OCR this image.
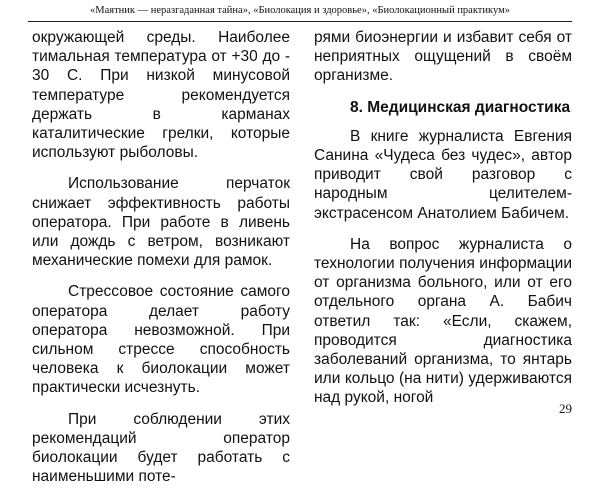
«Маятник — неразгаданная тайна», «Биолокация и здоровье», «Биолокационный практикум»

окружающей среды. Наиболее тимальная температура от +30 до - 30 С. При низкой минусовой температуре рекомендуется держать в карманах каталитические грелки, которые используют рыболовы.

Использование перчаток снижает эффективность работы оператора. При работе в ливень или дождь с ветром, возникают механические помехи для рамок.

Стрессовое состояние самого оператора делает работу оператора невозможной. При сильном стрессе способность человека к биолокации может практически исчезнуть.

При соблюдении этих рекомендаций оператор биолокации будет работать с наименьшими поте-

рями биоэнергии и избавит себя от неприятных ощущений в своём организме.

8. Медицинская диагностика

В книге журналиста Евгения Санина «Чудеса без чудес», автор приводит свой разговор с народным целителем-экстрасенсом Анатолием Бабичем.

На вопрос журналиста о технологии получения информации от организма больного, или от его отдельного органа А. Бабич ответил так: «Если, скажем, проводится диагностика заболеваний организма, то янтарь или кольцо (на нити) удерживаются над рукой, ногой

29
